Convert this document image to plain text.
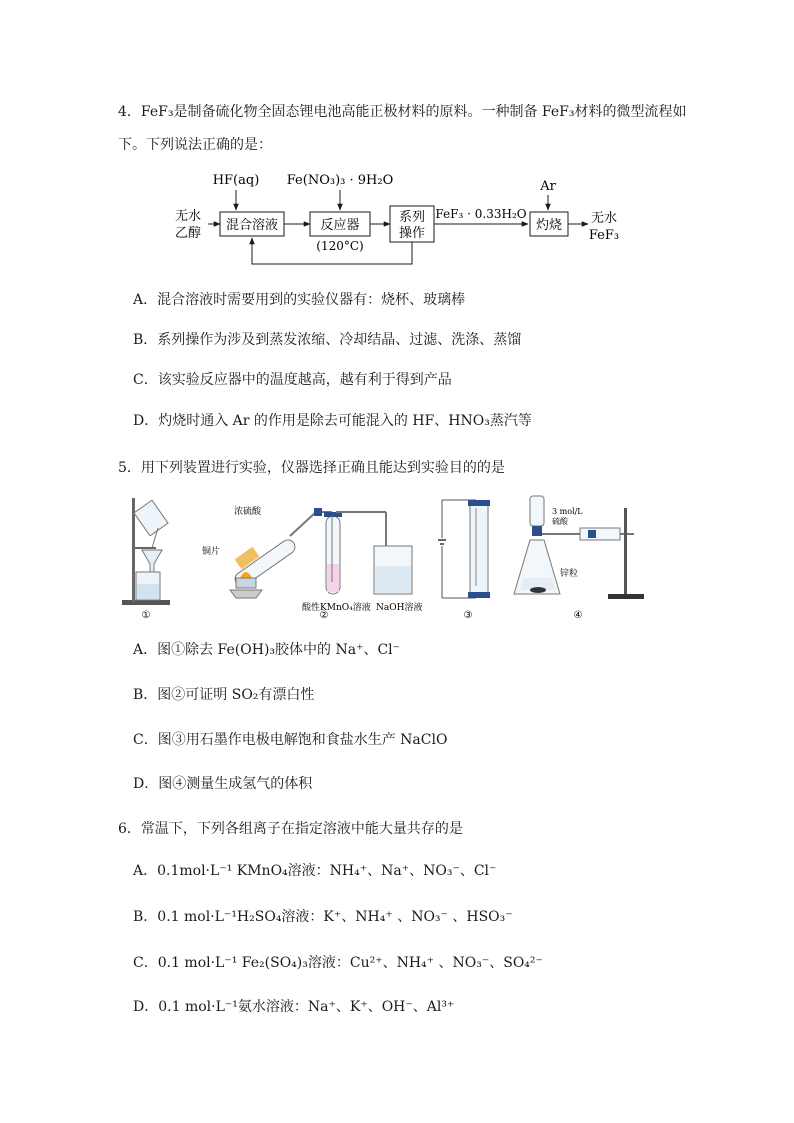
4．FeF₃是制备硫化物全固态锂电池高能正极材料的原料。一种制备 FeF₃材料的微型流程如
下。下列说法正确的是：
HF(aq) Fe(NO₃)₃ · 9H₂O	Ar
无水
乙醇
混合溶液	反应器
(120°C)
系列
操作
FeF₃ · 0.33H₂O
灼烧 无水
FeF₃
A．混合溶液时需要用到的实验仪器有：烧杯、玻璃棒
B．系列操作为涉及到蒸发浓缩、冷却结晶、过滤、洗涤、蒸馏
C．该实验反应器中的温度越高，越有利于得到产品
D．灼烧时通入 Ar 的作用是除去可能混入的 HF、HNO₃蒸汽等
5．用下列装置进行实验，仪器选择正确且能达到实验目的的是
①
浓硫酸
铜片
酸性KMnO₄溶液 NaOH溶液
②	③
3 mol/L
硫酸
锌粒
④
A．图①除去 Fe(OH)₃胶体中的 Na⁺、Cl⁻
B．图②可证明 SO₂有漂白性
C．图③用石墨作电极电解饱和食盐水生产 NaClO
D．图④测量生成氢气的体积
6．常温下，下列各组离子在指定溶液中能大量共存的是
A．0.1mol·L⁻¹ KMnO₄溶液：NH₄⁺、Na⁺、NO₃⁻、Cl⁻
B．0.1 mol·L⁻¹H₂SO₄溶液：K⁺、NH₄⁺ 、NO₃⁻ 、HSO₃⁻
C．0.1 mol·L⁻¹ Fe₂(SO₄)₃溶液：Cu²⁺、NH₄⁺ 、NO₃⁻、SO₄²⁻
D．0.1 mol·L⁻¹氨水溶液：Na⁺、K⁺、OH⁻、Al³⁺
